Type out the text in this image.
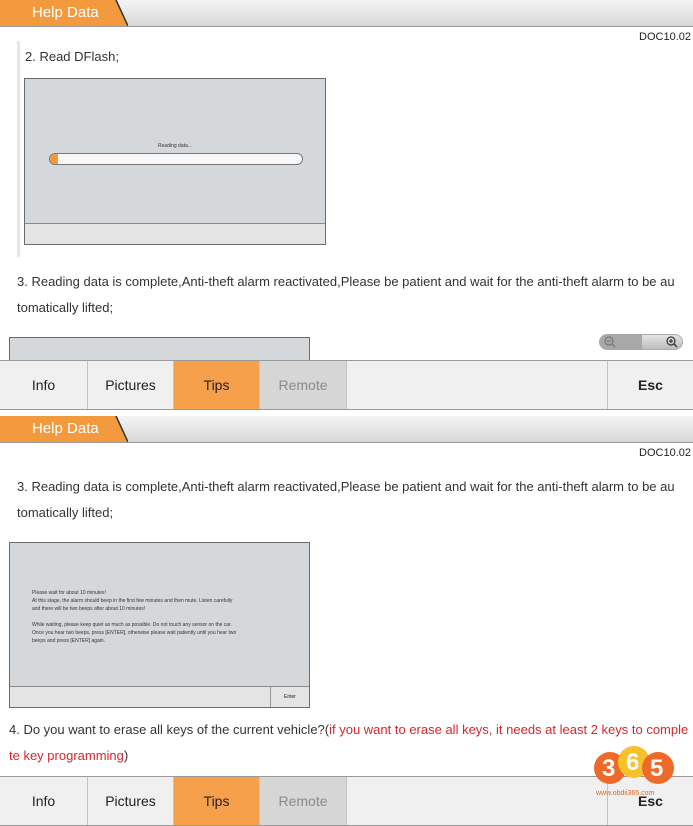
Help Data
DOC10.02
2. Read DFlash;
Reading data...
3. Reading data is complete,Anti-theft alarm reactivated,Please be patient and wait for the anti-theft alarm to be au
tomatically lifted;
Info	Pictures	Tips	Remote	Esc
Help Data
DOC10.02
3. Reading data is complete,Anti-theft alarm reactivated,Please be patient and wait for the anti-theft alarm to be au
tomatically lifted;
Please wait for about 10 minutes!
At this stage, the alarm should beep in the first few minutes and then mute. Listen carefully
and there will be two beeps after about 10 minutes!
While waiting, please keep quiet as much as possible. Do not touch any sensor on the car.
Once you hear two beeps, press [ENTER], otherwise please wait patiently until you hear two
beeps and press [ENTER] again.
Enter
4. Do you want to erase all keys of the current vehicle?(if you want to erase all keys, it needs at least 2 keys to comple
te key programming)
Info	Pictures	Tips	Remote	Esc
3 6 5
www.obdii365.com
